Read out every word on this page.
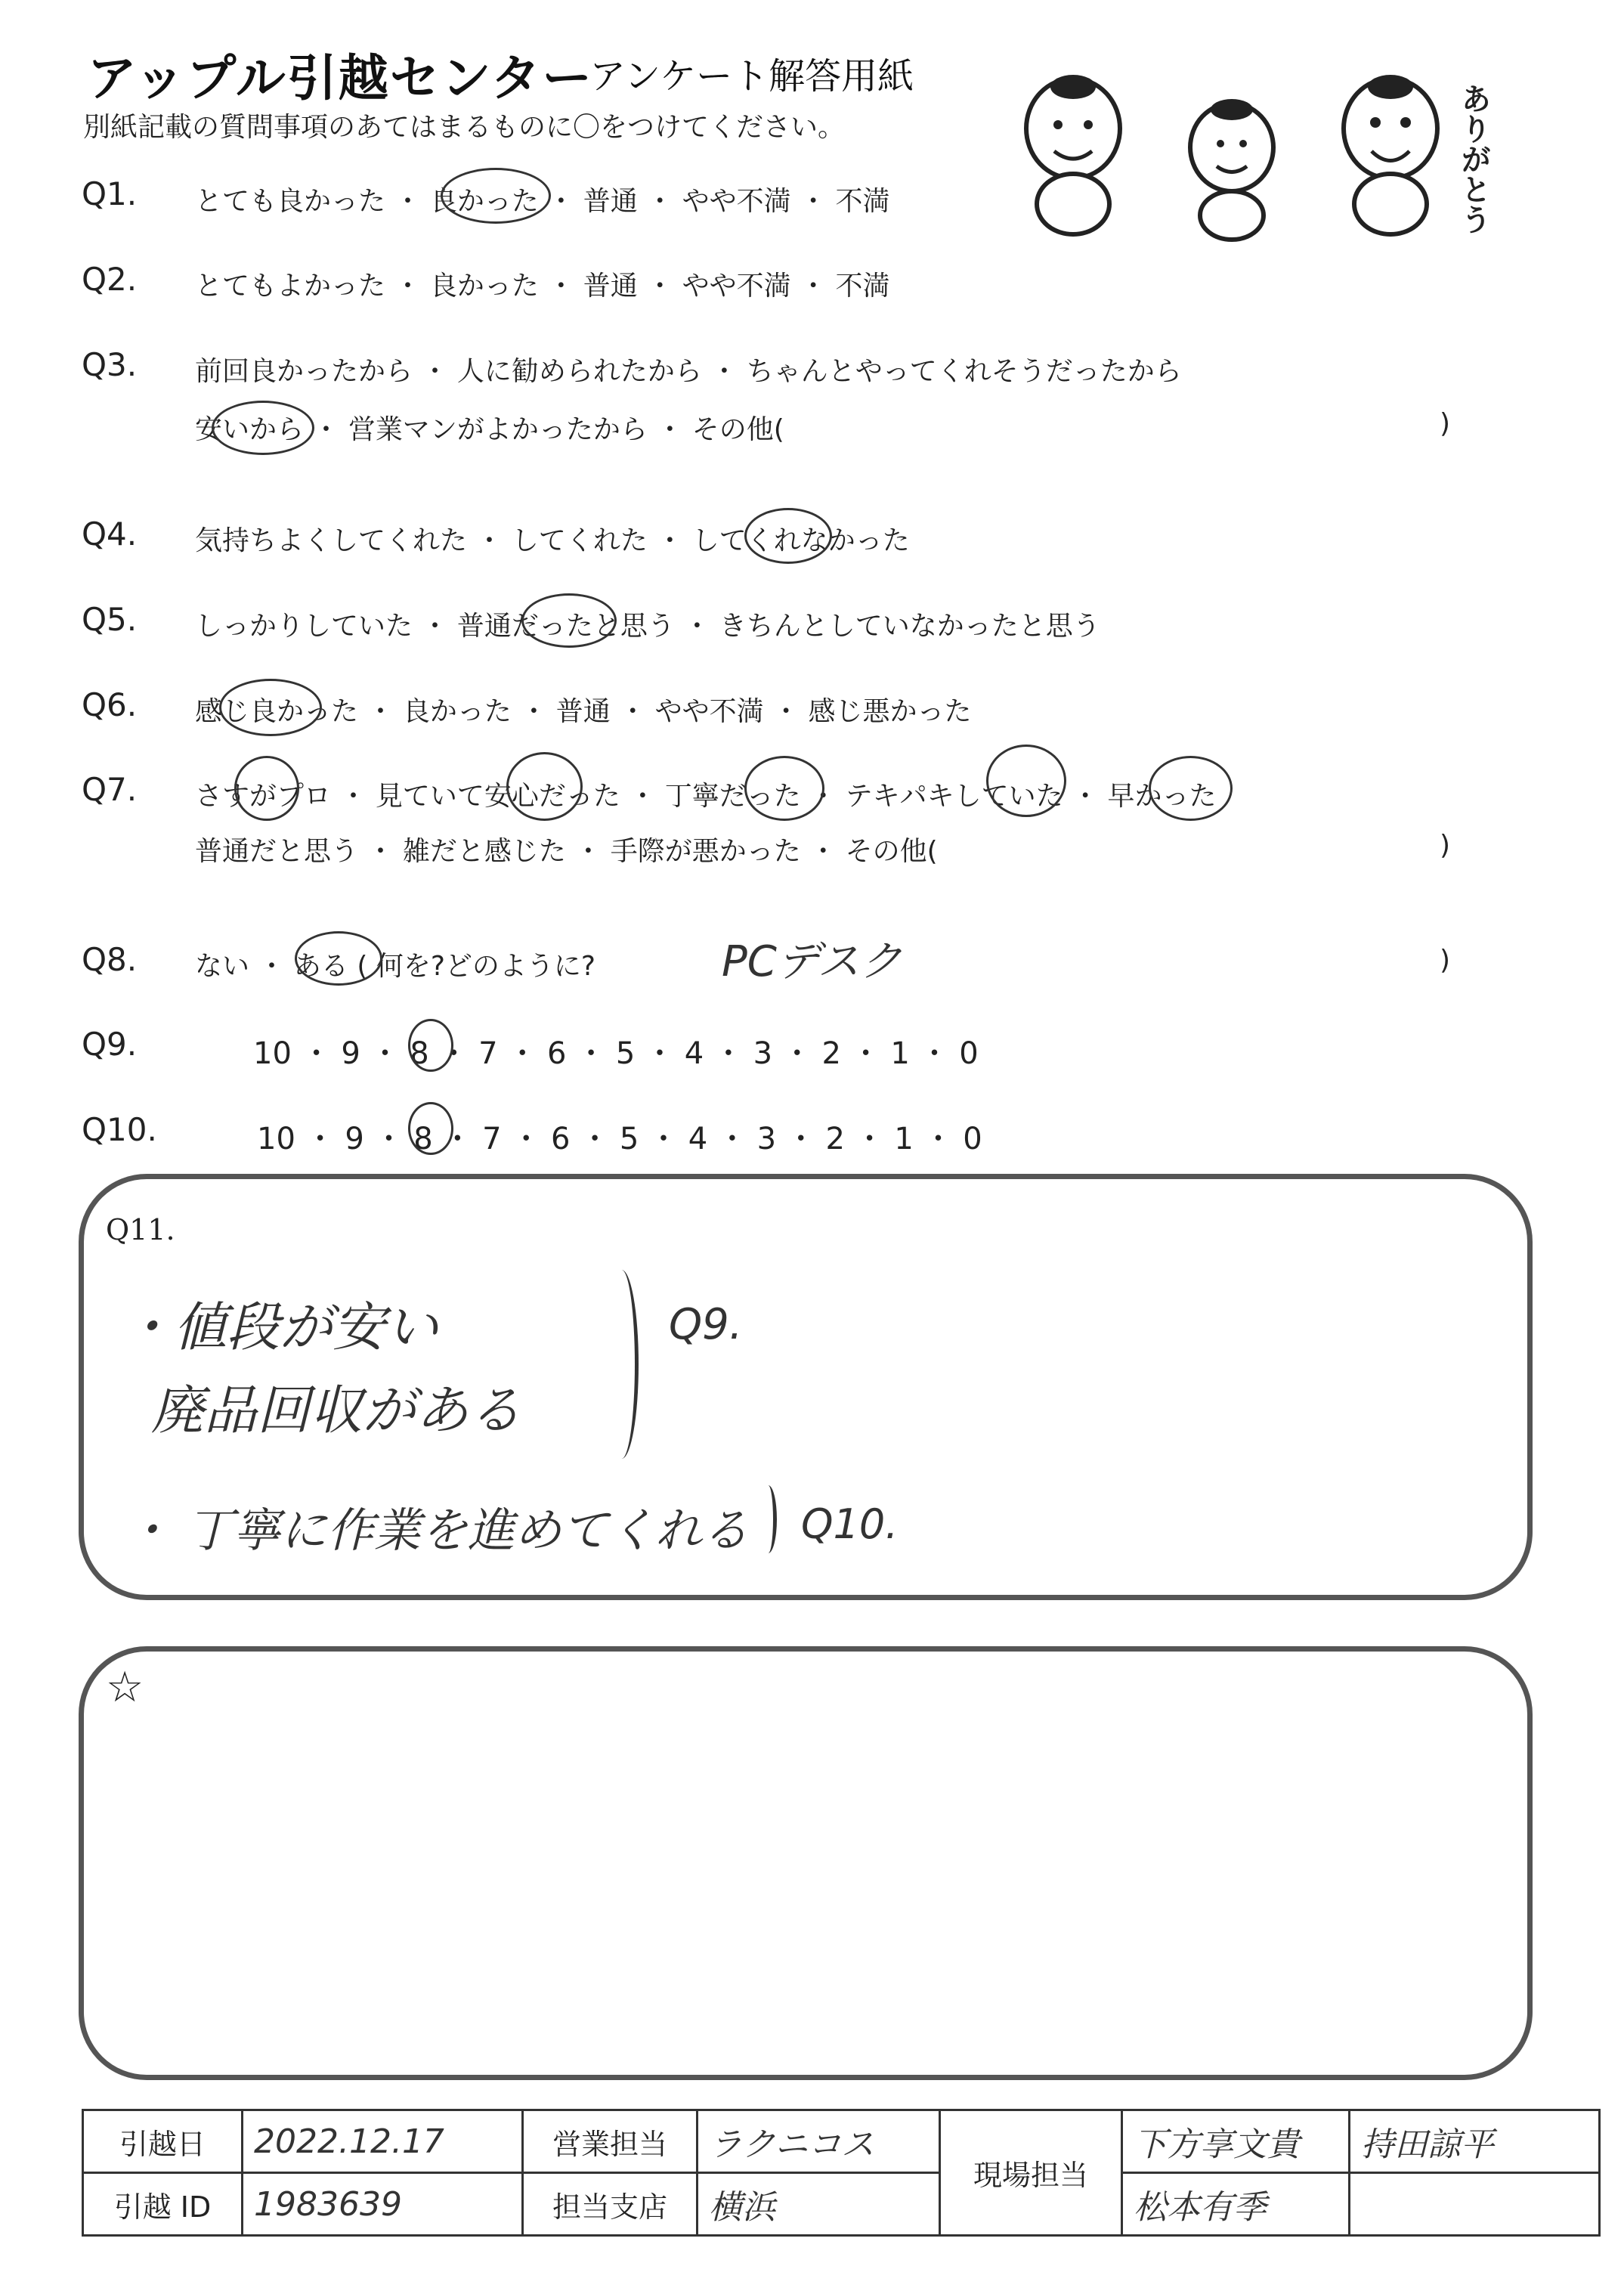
アップル引越センター
アンケート解答用紙
別紙記載の質問事項のあてはまるものに〇をつけてください。	ありがとう
Q1. とても良かった ・ 良かった ・ 普通 ・ やや不満 ・ 不満
Q2. とてもよかった ・ 良かった ・ 普通 ・ やや不満 ・ 不満
Q3. 前回良かったから ・ 人に勧められたから ・ ちゃんとやってくれそうだったから
安いから ・ 営業マンがよかったから ・ その他(	)
Q4. 気持ちよくしてくれた ・ してくれた ・ してくれなかった
Q5. しっかりしていた ・ 普通だったと思う ・ きちんとしていなかったと思う
Q6. 感じ良かった ・ 良かった ・ 普通 ・ やや不満 ・ 感じ悪かった
Q7. さすがプロ ・ 見ていて安心だった ・ 丁寧だった ・ テキパキしていた ・ 早かった
普通だと思う ・ 雑だと感じた ・ 手際が悪かった ・ その他(	)
Q8. ない ・ ある ( 何を?どのように?	PCデスク	)
Q9.	10 ・ 9 ・ 8 ・ 7 ・ 6 ・ 5 ・ 4 ・ 3 ・ 2 ・ 1 ・ 0
Q10.	10 ・ 9 ・ 8 ・ 7 ・ 6 ・ 5 ・ 4 ・ 3 ・ 2 ・ 1 ・ 0
Q11.
・値段が安い
廃品回収がある
Q9.
・ 丁寧に作業を進めてくれる Q10.
☆
引越日	2022.12.17	営業担当	ラクニコス	現場担当	下方享文貴	持田諒平
引越 ID	1983639	担当支店	横浜		松本有季	
